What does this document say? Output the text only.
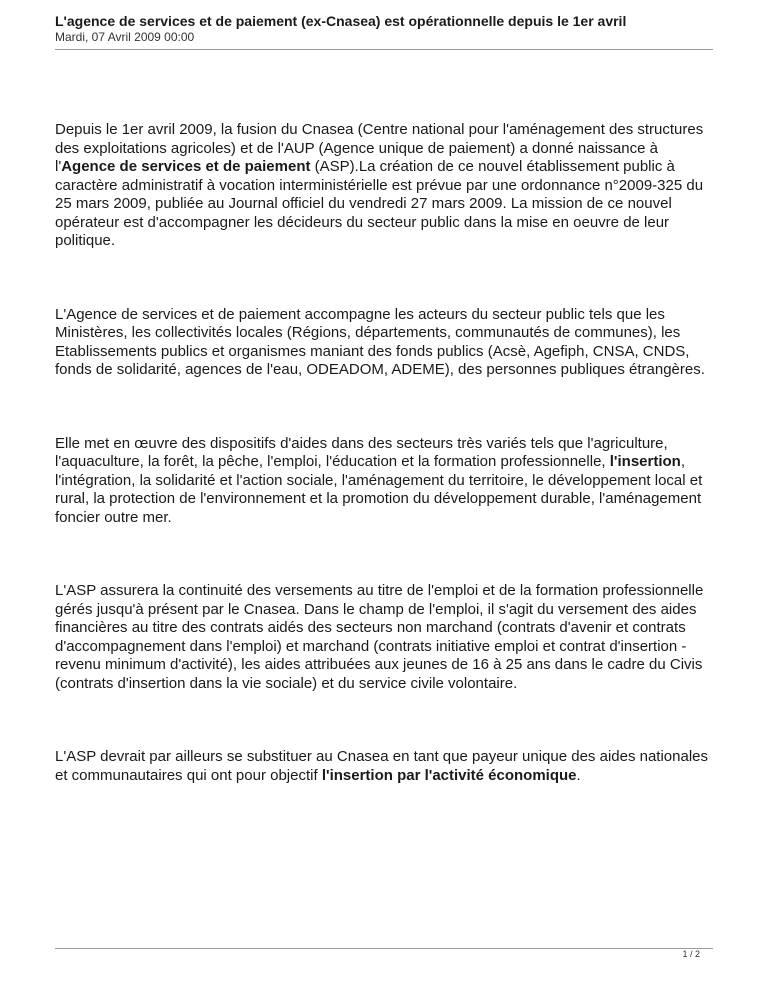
L'agence de services et de paiement (ex-Cnasea) est opérationnelle depuis le 1er avril
Mardi, 07 Avril 2009 00:00

Depuis le 1er avril 2009, la fusion du Cnasea (Centre national pour l'aménagement des structures des exploitations agricoles) et de l'AUP (Agence unique de paiement) a donné naissance à l'Agence de services et de paiement (ASP).La création de ce nouvel établissement public à caractère administratif à vocation interministérielle est prévue par une ordonnance n°2009-325 du 25 mars 2009, publiée au Journal officiel du vendredi 27 mars 2009. La mission de ce nouvel opérateur est d'accompagner les décideurs du secteur public dans la mise en oeuvre de leur politique.

L'Agence de services et de paiement accompagne les acteurs du secteur public tels que les Ministères, les collectivités locales (Régions, départements, communautés de communes), les Etablissements publics et organismes maniant des fonds publics (Acsè, Agefiph, CNSA, CNDS, fonds de solidarité, agences de l'eau, ODEADOM, ADEME), des personnes publiques étrangères.

Elle met en œuvre des dispositifs d'aides dans des secteurs très variés tels que l'agriculture, l'aquaculture, la forêt, la pêche, l'emploi, l'éducation et la formation professionnelle, l'insertion, l'intégration, la solidarité et l'action sociale, l'aménagement du territoire, le développement local et rural, la protection de l'environnement et la promotion du développement durable, l'aménagement foncier outre mer.

L'ASP assurera la continuité des versements au titre de l'emploi et de la formation professionnelle gérés jusqu'à présent par le Cnasea. Dans le champ de l'emploi, il s'agit du versement des aides financières au titre des contrats aidés des secteurs non marchand (contrats d'avenir et contrats d'accompagnement dans l'emploi) et marchand (contrats initiative emploi et contrat d'insertion - revenu minimum d'activité), les aides attribuées aux jeunes de 16 à 25 ans dans le cadre du Civis (contrats d'insertion dans la vie sociale) et du service civile volontaire.

L'ASP devrait par ailleurs se substituer au Cnasea en tant que payeur unique des aides nationales et communautaires qui ont pour objectif l'insertion par l'activité économique.

1 / 2
